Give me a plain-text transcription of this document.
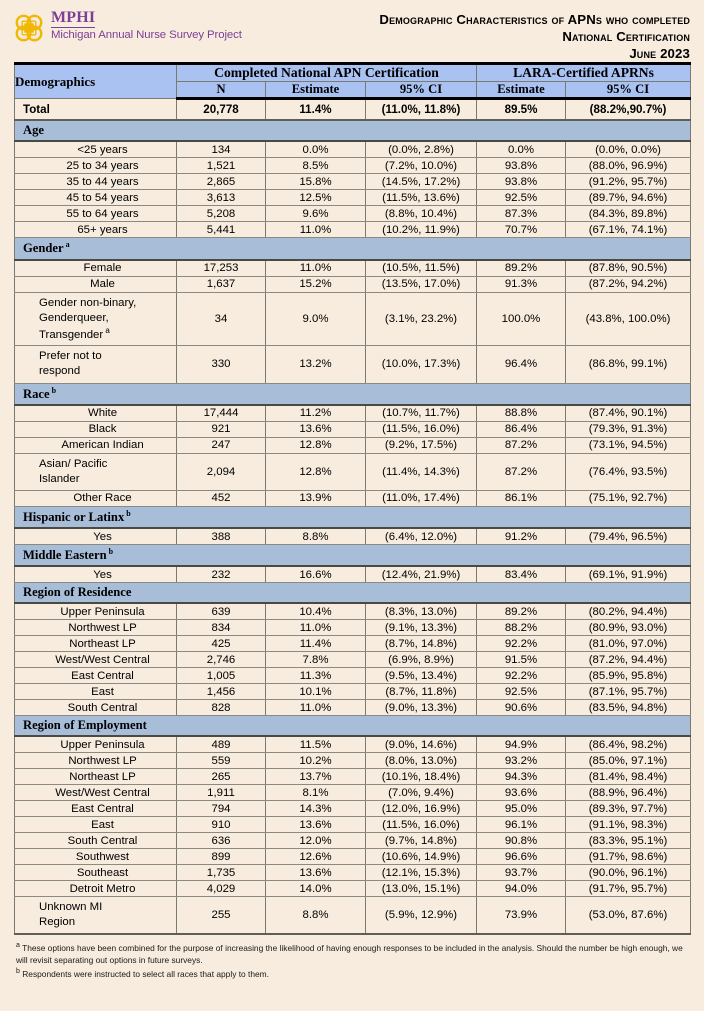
MPHI
Michigan Annual Nurse Survey Project
Demographic Characteristics of APNs who completed
National Certification
June 2023
Demographics	Completed National APN Certification			LARA-Certified APRNs	
	N	Estimate	95% CI	Estimate	95% CI
Total	20,778	11.4%	(11.0%, 11.8%)	89.5%	(88.2%,90.7%)
Age					
<25 years	134	0.0%	(0.0%, 2.8%)	0.0%	(0.0%, 0.0%)
25 to 34 years	1,521	8.5%	(7.2%, 10.0%)	93.8%	(88.0%, 96.9%)
35 to 44 years	2,865	15.8%	(14.5%, 17.2%)	93.8%	(91.2%, 95.7%)
45 to 54 years	3,613	12.5%	(11.5%, 13.6%)	92.5%	(89.7%, 94.6%)
55 to 64 years	5,208	9.6%	(8.8%, 10.4%)	87.3%	(84.3%, 89.8%)
65+ years	5,441	11.0%	(10.2%, 11.9%)	70.7%	(67.1%, 74.1%)
Gender $^a$
Female	17,253	11.0%	(10.5%, 11.5%)	89.2%	(87.8%, 90.5%)
Male	1,637	15.2%	(13.5%, 17.0%)	91.3%	(87.2%, 94.2%)

Gender non-binary,
Genderqueer,
Transgender $^a$	34	9.0%	(3.1%, 23.2%)	100.0%	(43.8%, 100.0%)

Prefer not to
respond	330	13.2%	(10.0%, 17.3%)	96.4%	(86.8%, 99.1%)
Race $^b$
White	17,444	11.2%	(10.7%, 11.7%)	88.8%	(87.4%, 90.1%)
Black	921	13.6%	(11.5%, 16.0%)	86.4%	(79.3%, 91.3%)
American Indian	247	12.8%	(9.2%, 17.5%)	87.2%	(73.1%, 94.5%)

Asian/ Pacific
Islander	2,094	12.8%	(11.4%, 14.3%)	87.2%	(76.4%, 93.5%)
Other Race	452	13.9%	(11.0%, 17.4%)	86.1%	(75.1%, 92.7%)
Hispanic or Latinx $^b$
Yes	388	8.8%	(6.4%, 12.0%)	91.2%	(79.4%, 96.5%)
Middle Eastern $^b$
Yes	232	16.6%	(12.4%, 21.9%)	83.4%	(69.1%, 91.9%)
Region of Residence					
Upper Peninsula	639	10.4%	(8.3%, 13.0%)	89.2%	(80.2%, 94.4%)
Northwest LP	834	11.0%	(9.1%, 13.3%)	88.2%	(80.9%, 93.0%)
Northeast LP	425	11.4%	(8.7%, 14.8%)	92.2%	(81.0%, 97.0%)
West/West Central	2,746	7.8%	(6.9%, 8.9%)	91.5%	(87.2%, 94.4%)
East Central	1,005	11.3%	(9.5%, 13.4%)	92.2%	(85.9%, 95.8%)
East	1,456	10.1%	(8.7%, 11.8%)	92.5%	(87.1%, 95.7%)
South Central	828	11.0%	(9.0%, 13.3%)	90.6%	(83.5%, 94.8%)
Region of Employment					
Upper Peninsula	489	11.5%	(9.0%, 14.6%)	94.9%	(86.4%, 98.2%)
Northwest LP	559	10.2%	(8.0%, 13.0%)	93.2%	(85.0%, 97.1%)
Northeast LP	265	13.7%	(10.1%, 18.4%)	94.3%	(81.4%, 98.4%)
West/West Central	1,911	8.1%	(7.0%, 9.4%)	93.6%	(88.9%, 96.4%)
East Central	794	14.3%	(12.0%, 16.9%)	95.0%	(89.3%, 97.7%)
East	910	13.6%	(11.5%, 16.0%)	96.1%	(91.1%, 98.3%)
South Central	636	12.0%	(9.7%, 14.8%)	90.8%	(83.3%, 95.1%)
Southwest	899	12.6%	(10.6%, 14.9%)	96.6%	(91.7%, 98.6%)
Southeast	1,735	13.6%	(12.1%, 15.3%)	93.7%	(90.0%, 96.1%)
Detroit Metro	4,029	14.0%	(13.0%, 15.1%)	94.0%	(91.7%, 95.7%)

Unknown MI
Region	255	8.8%	(5.9%, 12.9%)	73.9%	(53.0%, 87.6%)

$^a$ These options have been combined for the purpose of increasing the likelihood of having enough responses to be included in the analysis. Should the number be high enough, we will revisit separating out options in future surveys.

$^b$ Respondents were instructed to select all races that apply to them.
